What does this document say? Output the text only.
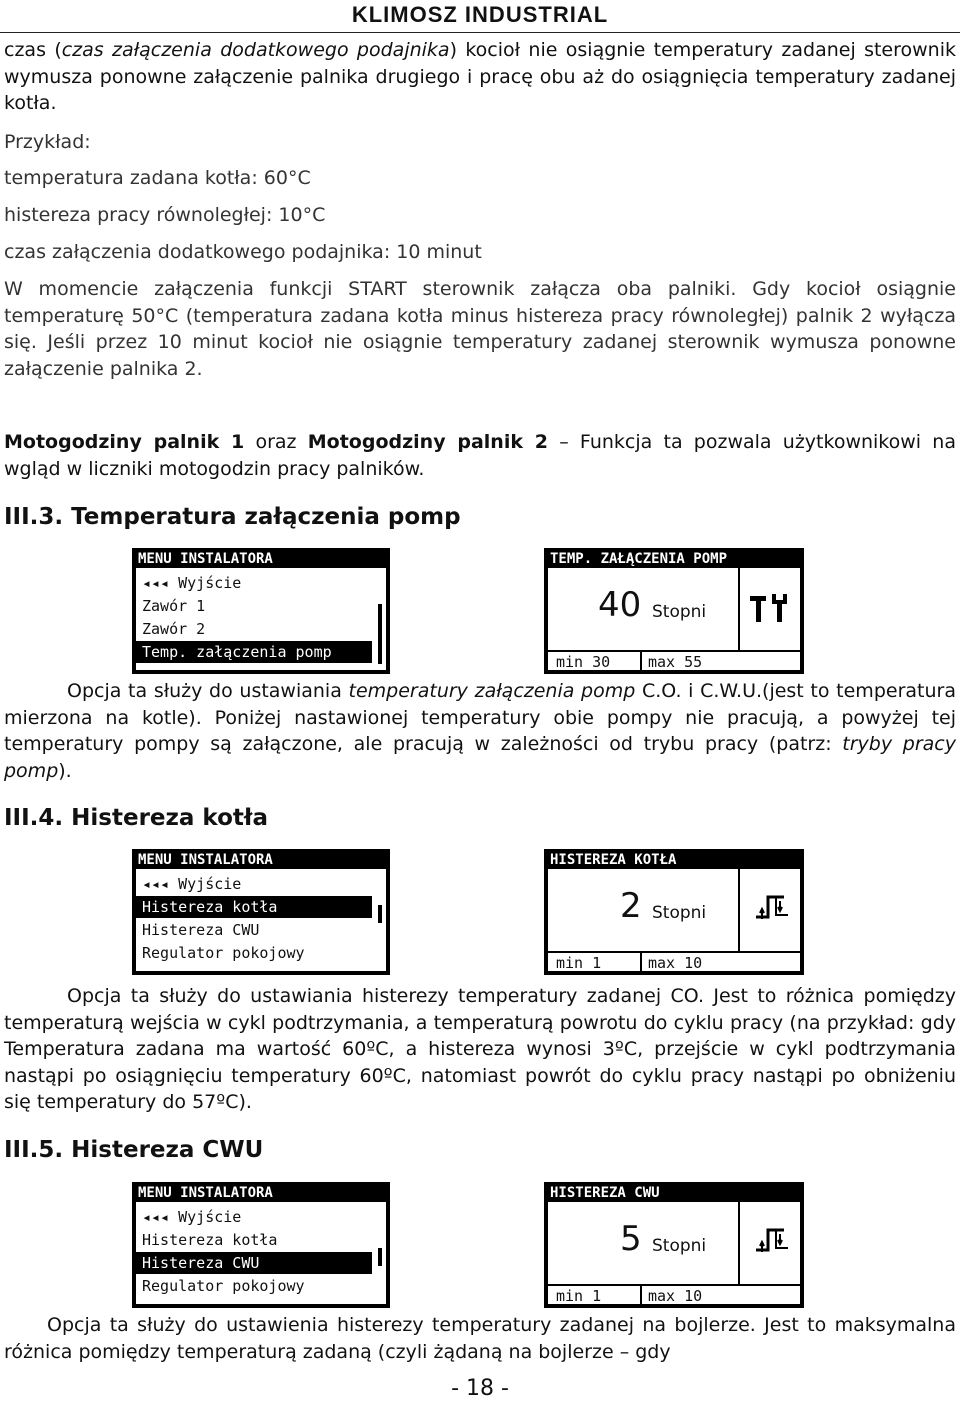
KLIMOSZ INDUSTRIAL
czas (czas załączenia dodatkowego podajnika) kocioł nie osiągnie temperatury zadanej sterownik wymusza ponowne załączenie palnika drugiego i pracę obu aż do osiągnięcia temperatury zadanej kotła.
Przykład:
temperatura zadana kotła: 60°C
histereza pracy równoległej: 10°C
czas załączenia dodatkowego podajnika: 10 minut
W momencie załączenia funkcji START sterownik załącza oba palniki. Gdy kocioł osiągnie temperaturę 50°C (temperatura zadana kotła minus histereza pracy równoległej) palnik 2 wyłącza się. Jeśli przez 10 minut kocioł nie osiągnie temperatury zadanej sterownik wymusza ponowne załączenie palnika 2.
Motogodziny palnik 1 oraz Motogodziny palnik 2 – Funkcja ta pozwala użytkownikowi na wgląd w liczniki motogodzin pracy palników.
III.3. Temperatura załączenia pomp
MENU INSTALATORA
◂◂◂ Wyjście
Zawór 1
Zawór 2
Temp. załączenia pomp
TEMP. ZAŁĄCZENIA POMP
40 Stopni
min 30	max 55
Opcja ta służy do ustawiania temperatury załączenia pomp C.O. i C.W.U.(jest to temperatura mierzona na kotle). Poniżej nastawionej temperatury obie pompy nie pracują, a powyżej tej temperatury pompy są załączone, ale pracują w zależności od trybu pracy (patrz: tryby pracy pomp).
III.4. Histereza kotła
MENU INSTALATORA
◂◂◂ Wyjście
Histereza kotła
Histereza CWU
Regulator pokojowy
HISTEREZA KOTŁA
2 Stopni
min 1	max 10
Opcja ta służy do ustawiania histerezy temperatury zadanej CO. Jest to różnica pomiędzy temperaturą wejścia w cykl podtrzymania, a temperaturą powrotu do cyklu pracy (na przykład: gdy Temperatura zadana ma wartość 60ºC, a histereza wynosi 3ºC, przejście w cykl podtrzymania nastąpi po osiągnięciu temperatury 60ºC, natomiast powrót do cyklu pracy nastąpi po obniżeniu się temperatury do 57ºC).
III.5. Histereza CWU
MENU INSTALATORA
◂◂◂ Wyjście
Histereza kotła
Histereza CWU
Regulator pokojowy
HISTEREZA CWU
5 Stopni
min 1	max 10
Opcja ta służy do ustawienia histerezy temperatury zadanej na bojlerze. Jest to maksymalna różnica pomiędzy temperaturą zadaną (czyli żądaną na bojlerze – gdy
- 18 -
